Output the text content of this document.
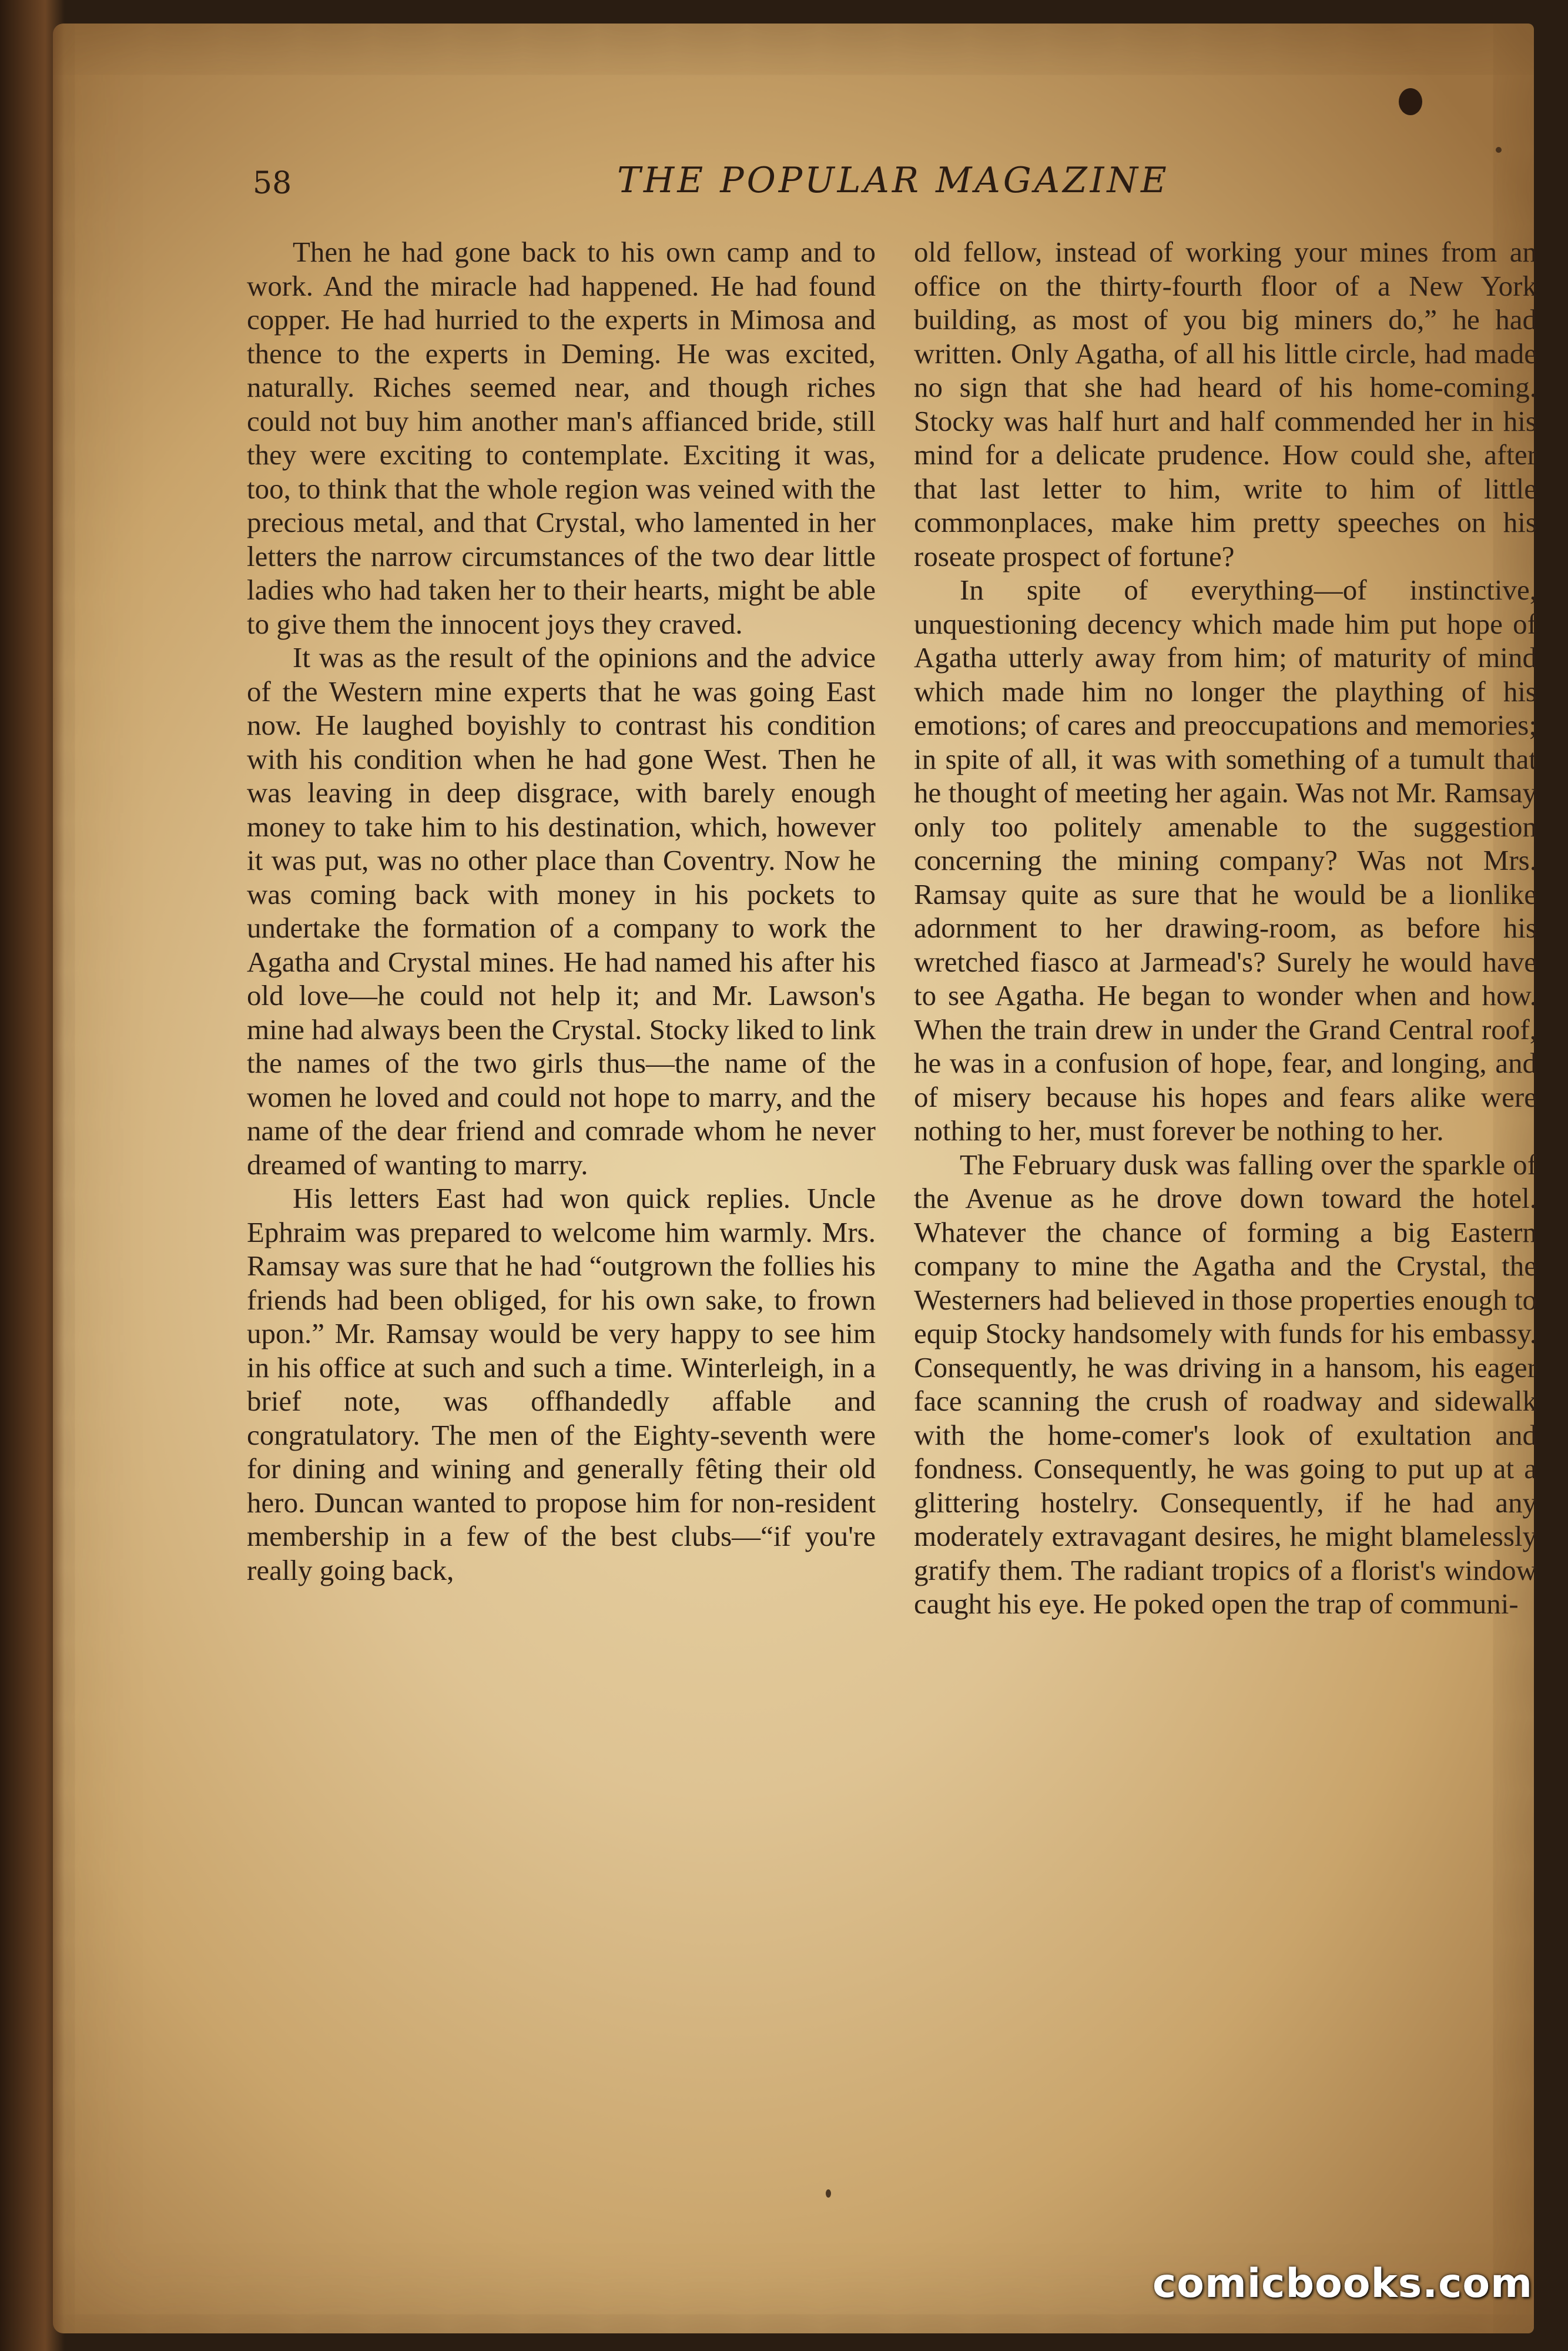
58	THE POPULAR MAGAZINE

Then he had gone back to his own camp and to work. And the miracle had happened. He had found copper. He had hurried to the experts in Mimosa and thence to the experts in Deming. He was excited, naturally. Riches seemed near, and though riches could not buy him another man's affianced bride, still they were exciting to contemplate. Exciting it was, too, to think that the whole region was veined with the precious metal, and that Crystal, who lamented in her letters the narrow circumstances of the two dear little ladies who had taken her to their hearts, might be able to give them the innocent joys they craved.

It was as the result of the opinions and the advice of the Western mine experts that he was going East now. He laughed boyishly to contrast his condition with his condition when he had gone West. Then he was leaving in deep disgrace, with barely enough money to take him to his destination, which, however it was put, was no other place than Coventry. Now he was coming back with money in his pockets to undertake the formation of a company to work the Agatha and Crystal mines. He had named his after his old love—he could not help it; and Mr. Lawson's mine had always been the Crystal. Stocky liked to link the names of the two girls thus—the name of the women he loved and could not hope to marry, and the name of the dear friend and comrade whom he never dreamed of wanting to marry.

His letters East had won quick replies. Uncle Ephraim was prepared to welcome him warmly. Mrs. Ramsay was sure that he had “outgrown the follies his friends had been obliged, for his own sake, to frown upon.” Mr. Ramsay would be very happy to see him in his office at such and such a time. Winterleigh, in a brief note, was offhandedly affable and congratulatory. The men of the Eighty-seventh were for dining and wining and generally fêting their old hero. Duncan wanted to propose him for non-resident membership in a few of the best clubs—“if you're really going back,

old fellow, instead of working your mines from an office on the thirty-fourth floor of a New York building, as most of you big miners do,” he had written. Only Agatha, of all his little circle, had made no sign that she had heard of his home-coming. Stocky was half hurt and half commended her in his mind for a delicate prudence. How could she, after that last letter to him, write to him of little commonplaces, make him pretty speeches on his roseate prospect of fortune?

In spite of everything—of instinctive, unquestioning decency which made him put hope of Agatha utterly away from him; of maturity of mind which made him no longer the plaything of his emotions; of cares and preoccupations and memories; in spite of all, it was with something of a tumult that he thought of meeting her again. Was not Mr. Ramsay only too politely amenable to the suggestion concerning the mining company? Was not Mrs. Ramsay quite as sure that he would be a lionlike adornment to her drawing-room, as before his wretched fiasco at Jarmead's? Surely he would have to see Agatha. He began to wonder when and how. When the train drew in under the Grand Central roof, he was in a confusion of hope, fear, and longing, and of misery because his hopes and fears alike were nothing to her, must forever be nothing to her.

The February dusk was falling over the sparkle of the Avenue as he drove down toward the hotel. Whatever the chance of forming a big Eastern company to mine the Agatha and the Crystal, the Westerners had believed in those properties enough to equip Stocky handsomely with funds for his embassy. Consequently, he was driving in a hansom, his eager face scanning the crush of roadway and sidewalk with the home-comer's look of exultation and fondness. Consequently, he was going to put up at a glittering hostelry. Consequently, if he had any moderately extravagant desires, he might blamelessly gratify them. The radiant tropics of a florist's window caught his eye. He poked open the trap of communi-

comicbooks.com
